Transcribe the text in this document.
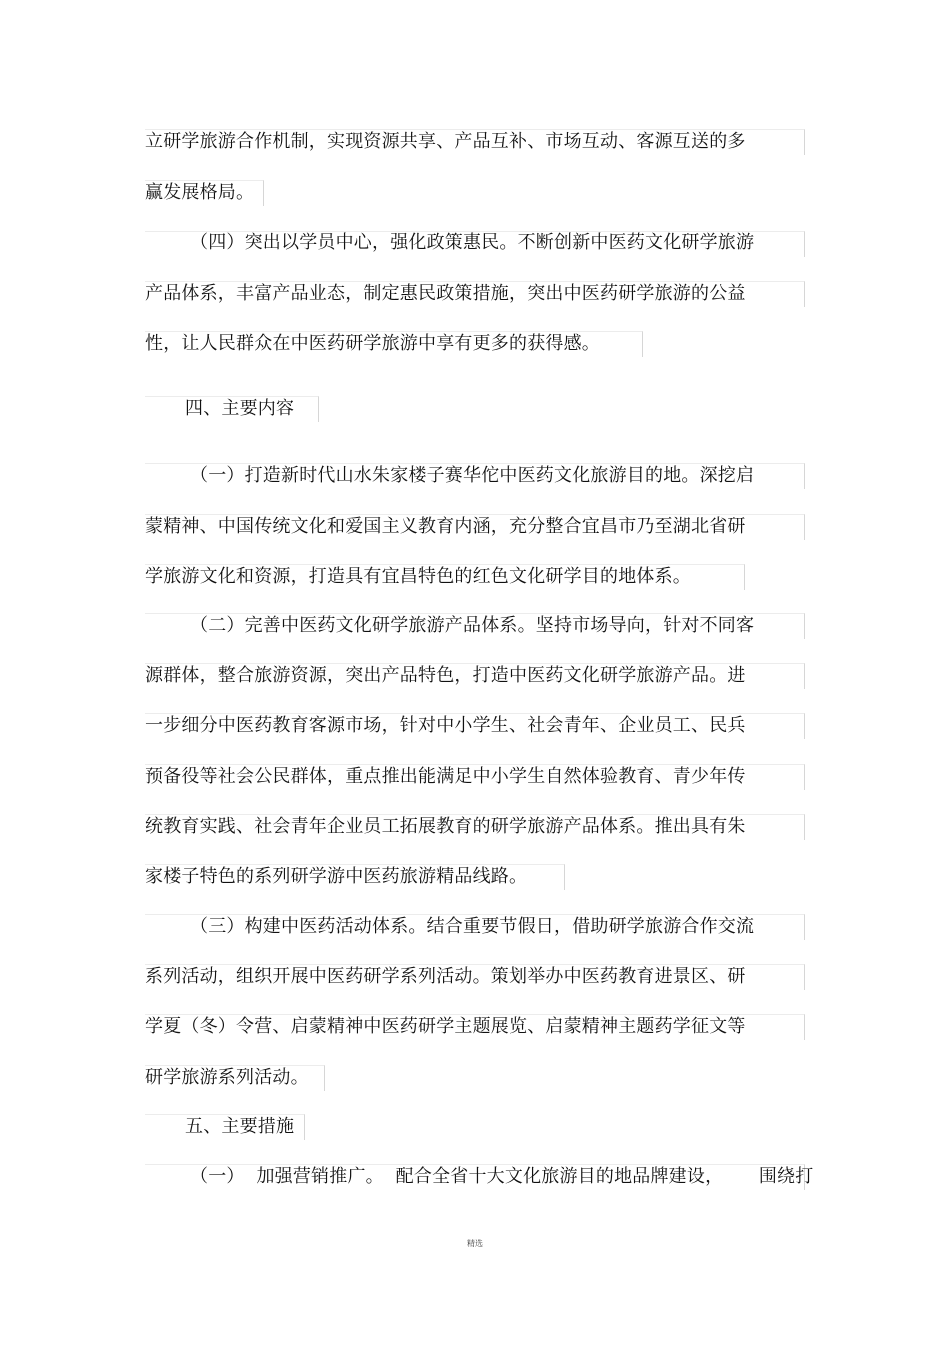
立研学旅游合作机制，实现资源共享、产品互补、市场互动、客源互送的多
赢发展格局。
（四）突出以学员中心，强化政策惠民。不断创新中医药文化研学旅游
产品体系，丰富产品业态，制定惠民政策措施，突出中医药研学旅游的公益
性，让人民群众在中医药研学旅游中享有更多的获得感。
四、主要内容
（一）打造新时代山水朱家楼子赛华佗中医药文化旅游目的地。深挖启
蒙精神、中国传统文化和爱国主义教育内涵，充分整合宜昌市乃至湖北省研
学旅游文化和资源，打造具有宜昌特色的红色文化研学目的地体系。
（二）完善中医药文化研学旅游产品体系。坚持市场导向，针对不同客
源群体，整合旅游资源，突出产品特色，打造中医药文化研学旅游产品。进
一步细分中医药教育客源市场，针对中小学生、社会青年、企业员工、民兵
预备役等社会公民群体，重点推出能满足中小学生自然体验教育、青少年传
统教育实践、社会青年企业员工拓展教育的研学旅游产品体系。推出具有朱
家楼子特色的系列研学游中医药旅游精品线路。
（三）构建中医药活动体系。结合重要节假日，借助研学旅游合作交流
系列活动，组织开展中医药研学系列活动。策划举办中医药教育进景区、研
学夏（冬）令营、启蒙精神中医药研学主题展览、启蒙精神主题药学征文等
研学旅游系列活动。
五、主要措施
（一）  加强营销推广。  配合全省十大文化旅游目的地品牌建设，      围绕打
精选
